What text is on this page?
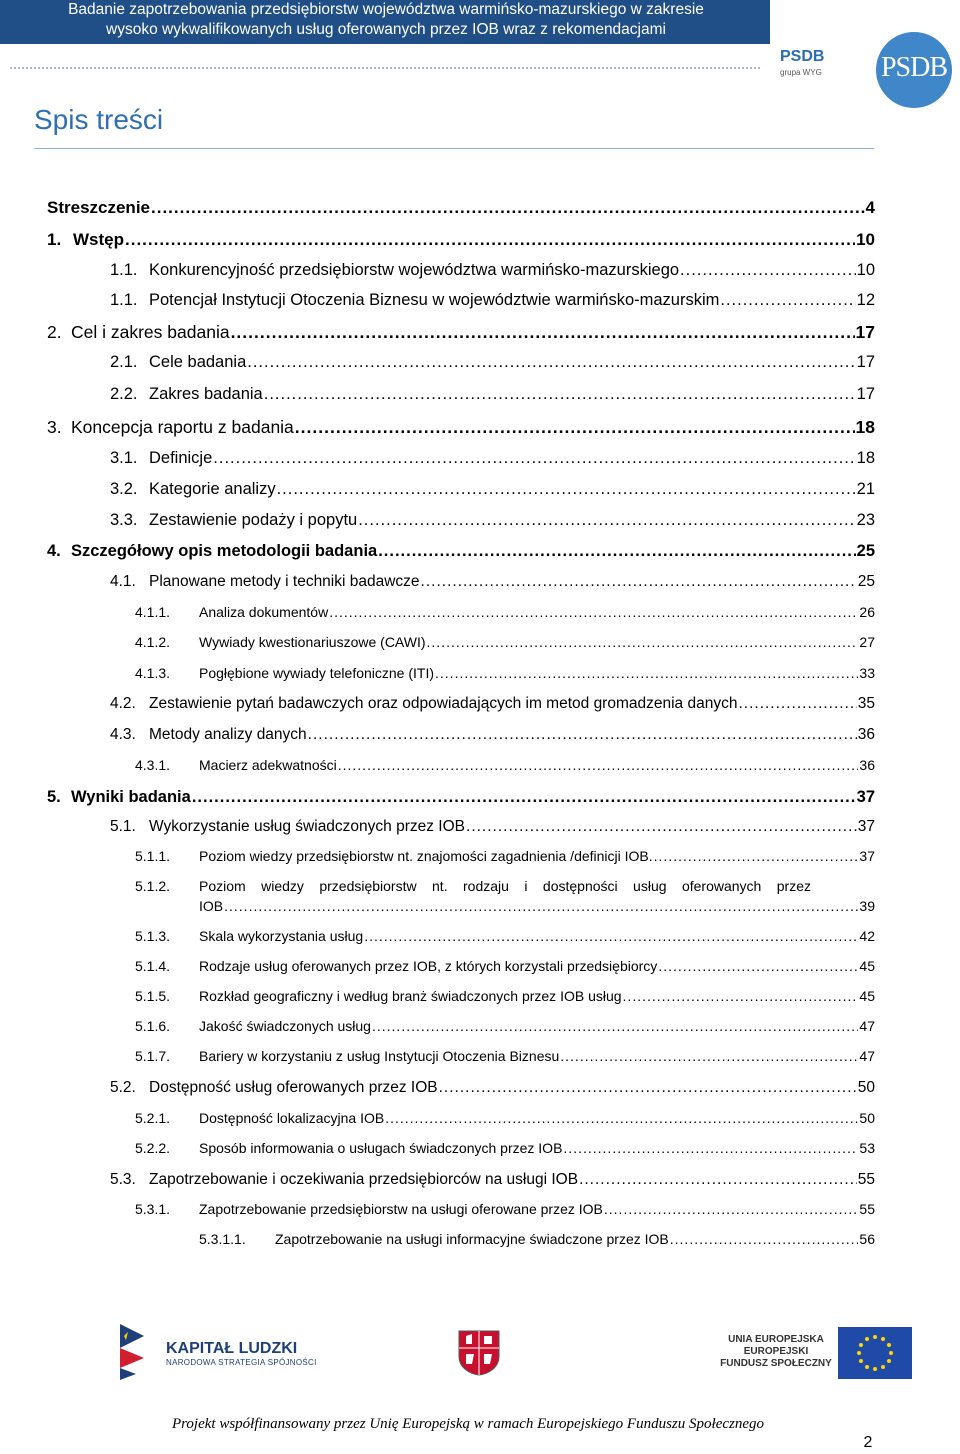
Badanie zapotrzebowania przedsiębiorstw województwa warmińsko-mazurskiego w zakresie
wysoko wykwalifikowanych usług oferowanych przez IOB wraz z rekomendacjami
PSDB
grupa WYG	PSDB
Spis treści
Streszczenie .....	4
1. Wstęp .....	10
1.1. Konkurencyjność przedsiębiorstw województwa warmińsko-mazurskiego .....	10
1.1. Potencjał Instytucji Otoczenia Biznesu w województwie warmińsko-mazurskim .....	12
2. Cel i zakres badania .....	17
2.1. Cele badania .....	17
2.2. Zakres badania .....	17
3. Koncepcja raportu z badania .....	18
3.1. Definicje .....	18
3.2. Kategorie analizy .....	21
3.3. Zestawienie podaży i popytu .....	23
4. Szczegółowy opis metodologii badania .....	25
4.1. Planowane metody i techniki badawcze .....	25
4.1.1.	Analiza dokumentów .....	26
4.1.2.	Wywiady kwestionariuszowe (CAWI) .....	27
4.1.3.	Pogłębione wywiady telefoniczne (ITI) .....	33
4.2. Zestawienie pytań badawczych oraz odpowiadających im metod gromadzenia danych .....	35
4.3. Metody analizy danych .....	36
4.3.1.	Macierz adekwatności .....	36
5. Wyniki badania .....	37
5.1. Wykorzystanie usług świadczonych przez IOB .....	37
5.1.1.	Poziom wiedzy przedsiębiorstw nt. znajomości zagadnienia /definicji IOB. .....	37
5.1.2. Poziom wiedzy przedsiębiorstw nt. rodzaju i dostępności usług oferowanych przez
IOB .....	39
5.1.3.	Skala wykorzystania usług .....	42
5.1.4.	Rodzaje usług oferowanych przez IOB, z których korzystali przedsiębiorcy .....	45
5.1.5.	Rozkład geograficzny i według branż świadczonych przez IOB usług .....	45
5.1.6.	Jakość świadczonych usług .....	47
5.1.7.	Bariery w korzystaniu z usług Instytucji Otoczenia Biznesu .....	47
5.2. Dostępność usług oferowanych przez IOB .....	50
5.2.1.	Dostępność lokalizacyjna IOB .....	50
5.2.2.	Sposób informowania o usługach świadczonych przez IOB .....	53
5.3. Zapotrzebowanie i oczekiwania przedsiębiorców na usługi IOB .....	55
5.3.1.	Zapotrzebowanie przedsiębiorstw na usługi oferowane przez IOB .....	55
5.3.1.1.	Zapotrzebowanie na usługi informacyjne świadczone przez IOB .....	56
KAPITAŁ LUDZKI
NARODOWA STRATEGIA SPÓJNOŚCI
UNIA EUROPEJSKA
EUROPEJSKI
FUNDUSZ SPOŁECZNY
Projekt współfinansowany przez Unię Europejską w ramach Europejskiego Funduszu Społecznego
2
